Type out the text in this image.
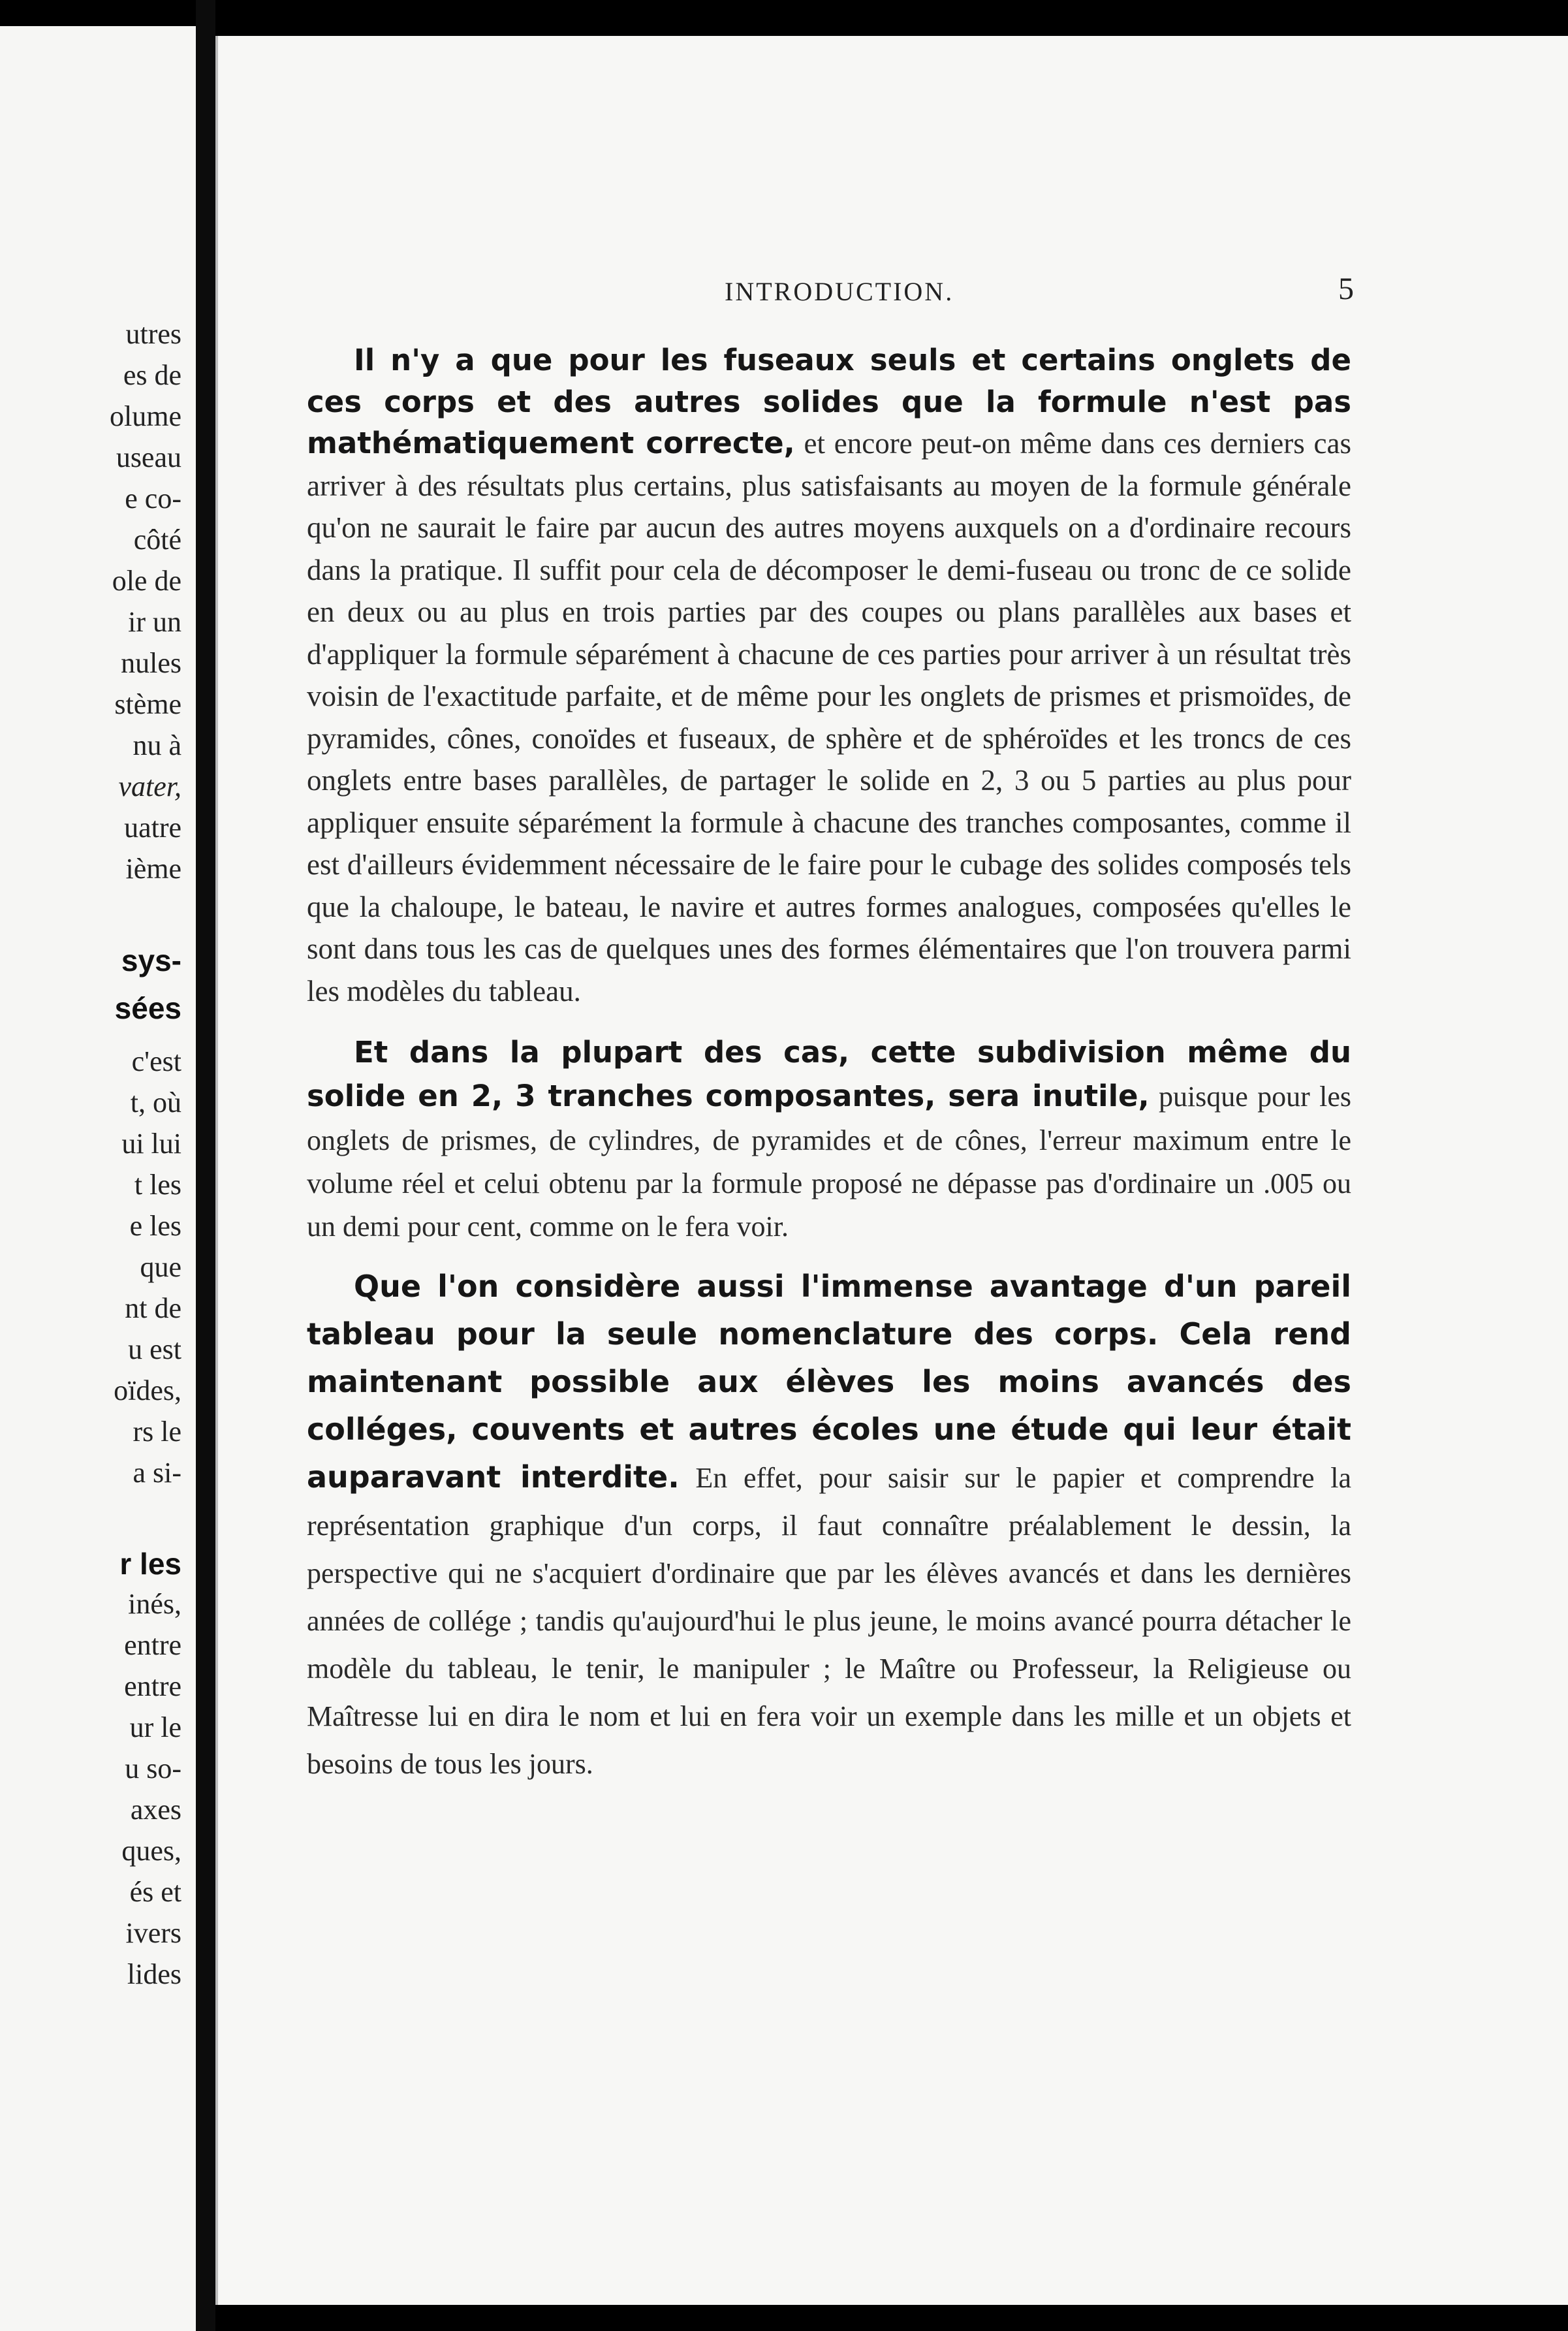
utres
es de
olume
useau
e co-
côté
ole de
ir un
nules
stème
nu à
vater,
uatre
ième
sys-
sées
c'est
t, où
ui lui
t les
e les
que
nt de
u est
oïdes,
rs le
a si-
r les
inés,
entre
entre
ur le
u so-
axes
ques,
és et
ivers
lides
INTRODUCTION.	5

Il n'y a que pour les fuseaux seuls et certains onglets de ces corps et des autres solides que la formule n'est pas mathématiquement correcte, et encore peut-on même dans ces derniers cas arriver à des résultats plus certains, plus satisfaisants au moyen de la formule générale qu'on ne saurait le faire par aucun des autres moyens auxquels on a d'ordinaire recours dans la pratique. Il suffit pour cela de décomposer le demi-fuseau ou tronc de ce solide en deux ou au plus en trois parties par des coupes ou plans parallèles aux bases et d'appliquer la formule séparément à chacune de ces parties pour arriver à un résultat très voisin de l'exactitude parfaite, et de même pour les onglets de prismes et prismoïdes, de pyramides, cônes, conoïdes et fuseaux, de sphère et de sphéroïdes et les troncs de ces onglets entre bases parallèles, de partager le solide en 2, 3 ou 5 parties au plus pour appliquer ensuite séparément la formule à chacune des tranches composantes, comme il est d'ailleurs évidemment nécessaire de le faire pour le cubage des solides composés tels que la chaloupe, le bateau, le navire et autres formes analogues, composées qu'elles le sont dans tous les cas de quelques unes des formes élémentaires que l'on trouvera parmi les modèles du tableau.

Et dans la plupart des cas, cette subdivision même du solide en 2, 3 tranches composantes, sera inutile, puisque pour les onglets de prismes, de cylindres, de pyramides et de cônes, l'erreur maximum entre le volume réel et celui obtenu par la formule proposé ne dépasse pas d'ordinaire un .005 ou un demi pour cent, comme on le fera voir.

Que l'on considère aussi l'immense avantage d'un pareil tableau pour la seule nomenclature des corps. Cela rend maintenant possible aux élèves les moins avancés des colléges, couvents et autres écoles une étude qui leur était auparavant interdite. En effet, pour saisir sur le papier et comprendre la représentation graphique d'un corps, il faut connaître préalablement le dessin, la perspective qui ne s'acquiert d'ordinaire que par les élèves avancés et dans les dernières années de collége ; tandis qu'aujourd'hui le plus jeune, le moins avancé pourra détacher le modèle du tableau, le tenir, le manipuler ; le Maître ou Professeur, la Religieuse ou Maîtresse lui en dira le nom et lui en fera voir un exemple dans les mille et un objets et besoins de tous les jours.
